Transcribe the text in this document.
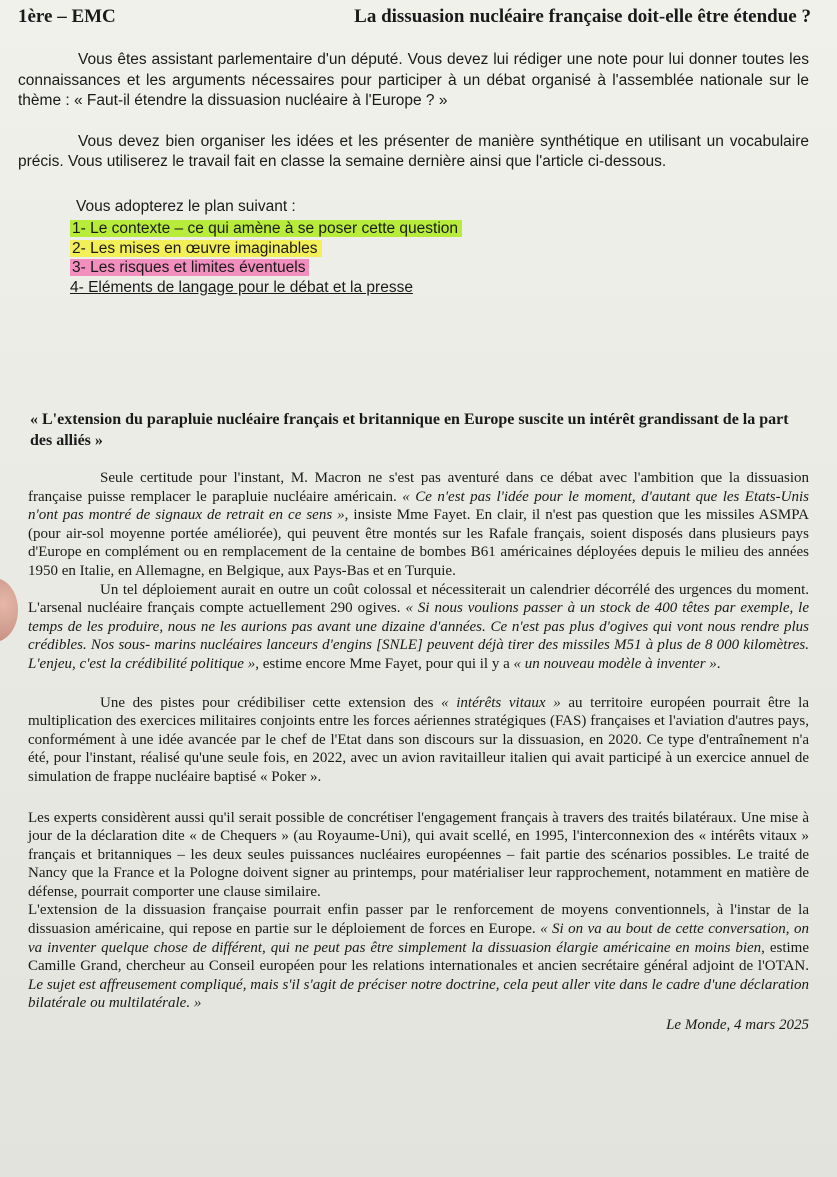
1ère – EMC	La dissuasion nucléaire française doit-elle être étendue ?

Vous êtes assistant parlementaire d'un député. Vous devez lui rédiger une note pour lui donner toutes les connaissances et les arguments nécessaires pour participer à un débat organisé à l'assemblée nationale sur le thème : « Faut-il étendre la dissuasion nucléaire à l'Europe ? »

Vous devez bien organiser les idées et les présenter de manière synthétique en utilisant un vocabulaire précis. Vous utiliserez le travail fait en classe la semaine dernière ainsi que l'article ci-dessous.

Vous adopterez le plan suivant :
1- Le contexte – ce qui amène à se poser cette question
2- Les mises en œuvre imaginables
3- Les risques et limites éventuels
4- Eléments de langage pour le débat et la presse
« L'extension du parapluie nucléaire français et britannique en Europe suscite un intérêt grandissant de la part des alliés »

Seule certitude pour l'instant, M. Macron ne s'est pas aventuré dans ce débat avec l'ambition que la dissuasion française puisse remplacer le parapluie nucléaire américain. « Ce n'est pas l'idée pour le moment, d'autant que les Etats-Unis n'ont pas montré de signaux de retrait en ce sens », insiste Mme Fayet. En clair, il n'est pas question que les missiles ASMPA (pour air-sol moyenne portée améliorée), qui peuvent être montés sur les Rafale français, soient disposés dans plusieurs pays d'Europe en complément ou en remplacement de la centaine de bombes B61 américaines déployées depuis le milieu des années 1950 en Italie, en Allemagne, en Belgique, aux Pays-Bas et en Turquie.

Un tel déploiement aurait en outre un coût colossal et nécessiterait un calendrier décorrélé des urgences du moment. L'arsenal nucléaire français compte actuellement 290 ogives. « Si nous voulions passer à un stock de 400 têtes par exemple, le temps de les produire, nous ne les aurions pas avant une dizaine d'années. Ce n'est pas plus d'ogives qui vont nous rendre plus crédibles. Nos sous- marins nucléaires lanceurs d'engins [SNLE] peuvent déjà tirer des missiles M51 à plus de 8 000 kilomètres. L'enjeu, c'est la crédibilité politique », estime encore Mme Fayet, pour qui il y a « un nouveau modèle à inventer ».

Une des pistes pour crédibiliser cette extension des « intérêts vitaux » au territoire européen pourrait être la multiplication des exercices militaires conjoints entre les forces aériennes stratégiques (FAS) françaises et l'aviation d'autres pays, conformément à une idée avancée par le chef de l'Etat dans son discours sur la dissuasion, en 2020. Ce type d'entraînement n'a été, pour l'instant, réalisé qu'une seule fois, en 2022, avec un avion ravitailleur italien qui avait participé à un exercice annuel de simulation de frappe nucléaire baptisé « Poker ».

Les experts considèrent aussi qu'il serait possible de concrétiser l'engagement français à travers des traités bilatéraux. Une mise à jour de la déclaration dite « de Chequers » (au Royaume-Uni), qui avait scellé, en 1995, l'interconnexion des « intérêts vitaux » français et britanniques – les deux seules puissances nucléaires européennes – fait partie des scénarios possibles. Le traité de Nancy que la France et la Pologne doivent signer au printemps, pour matérialiser leur rapprochement, notamment en matière de défense, pourrait comporter une clause similaire.

L'extension de la dissuasion française pourrait enfin passer par le renforcement de moyens conventionnels, à l'instar de la dissuasion américaine, qui repose en partie sur le déploiement de forces en Europe. « Si on va au bout de cette conversation, on va inventer quelque chose de différent, qui ne peut pas être simplement la dissuasion élargie américaine en moins bien, estime Camille Grand, chercheur au Conseil européen pour les relations internationales et ancien secrétaire général adjoint de l'OTAN. Le sujet est affreusement compliqué, mais s'il s'agit de préciser notre doctrine, cela peut aller vite dans le cadre d'une déclaration bilatérale ou multilatérale. »

Le Monde, 4 mars 2025
